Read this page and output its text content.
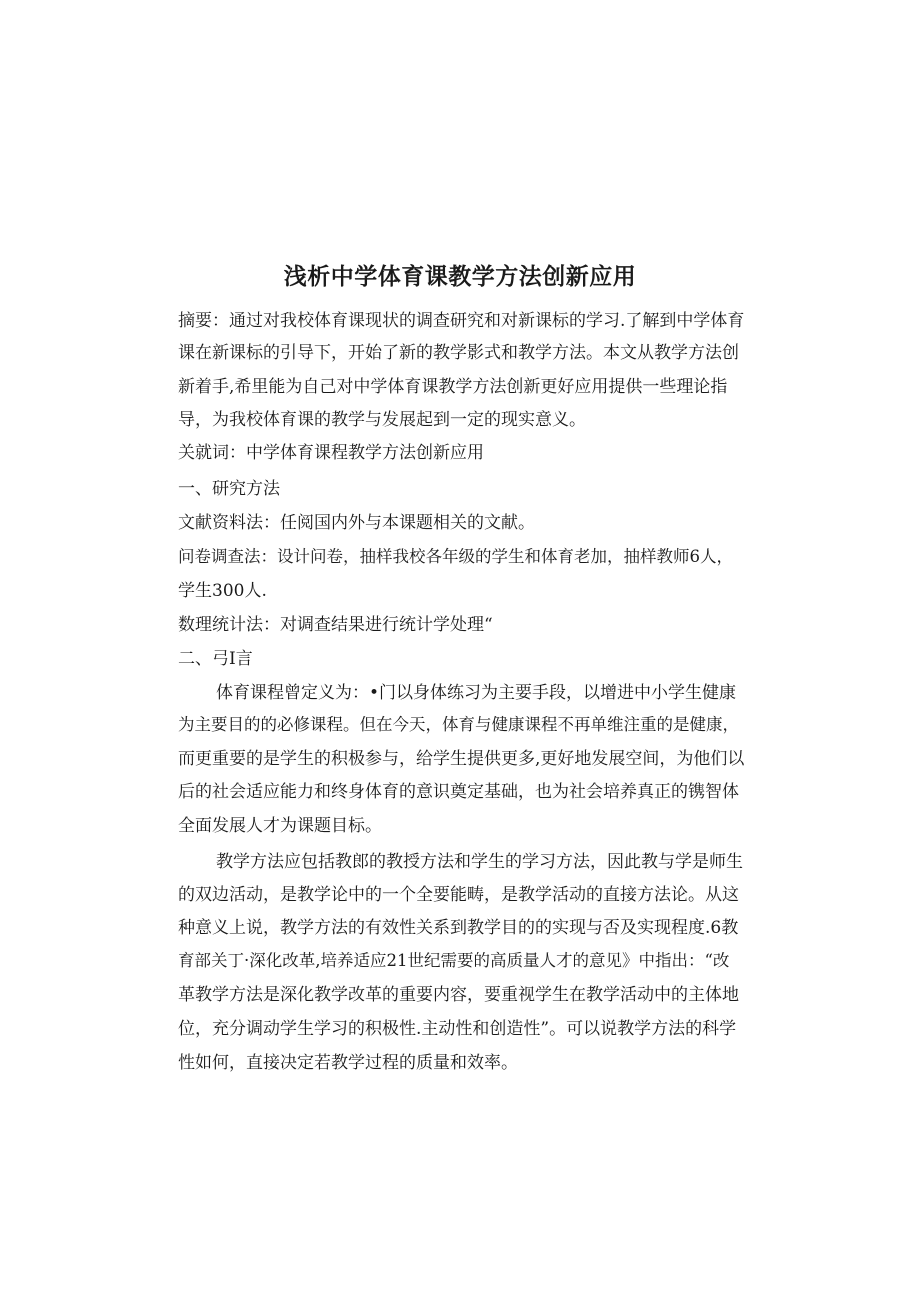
浅析中学体育课教学方法创新应用
摘要：通过对我校体育课现状的调查研究和对新课标的学习.了解到中学体育
课在新课标的引导下，开始了新的教学影式和教学方法。本文从教学方法创
新着手,希里能为自己对中学体育课教学方法创新更好应用提供一些理论指
导，为我校体育课的教学与发展起到一定的现实意义。
关就词：中学体育课程教学方法创新应用
一、研究方法
文献资料法：任阅国内外与本课题相关的文献。
问卷调查法：设计问卷，抽样我校各年级的学生和体育老加，抽样教师6人，
学生300人.
数理统计法：对调查结果进行统计学处理“
二、弓I言
体育课程曾定义为：•门以身体练习为主要手段，以增进中小学生健康
为主要目的的必修课程。但在今天，体育与健康课程不再单维注重的是健康，
而更重要的是学生的积极参与，给学生提供更多,更好地发展空间，为他们以
后的社会适应能力和终身体育的意识奠定基础，也为社会培养真正的镌智体
全面发展人才为课题目标。
教学方法应包括教郎的教授方法和学生的学习方法，因此教与学是师生
的双边活动，是教学论中的一个全要能畴，是教学活动的直接方法论。从这
种意义上说，教学方法的有效性关系到教学目的的实现与否及实现程度.6教
育部关丁·深化改革,培养适应21世纪需要的高质量人才的意见》中指出：“改
革教学方法是深化教学改革的重要内容，要重视学生在教学活动中的主体地
位，充分调动学生学习的积极性.主动性和创造性”。可以说教学方法的科学
性如何，直接决定若教学过程的质量和效率。
